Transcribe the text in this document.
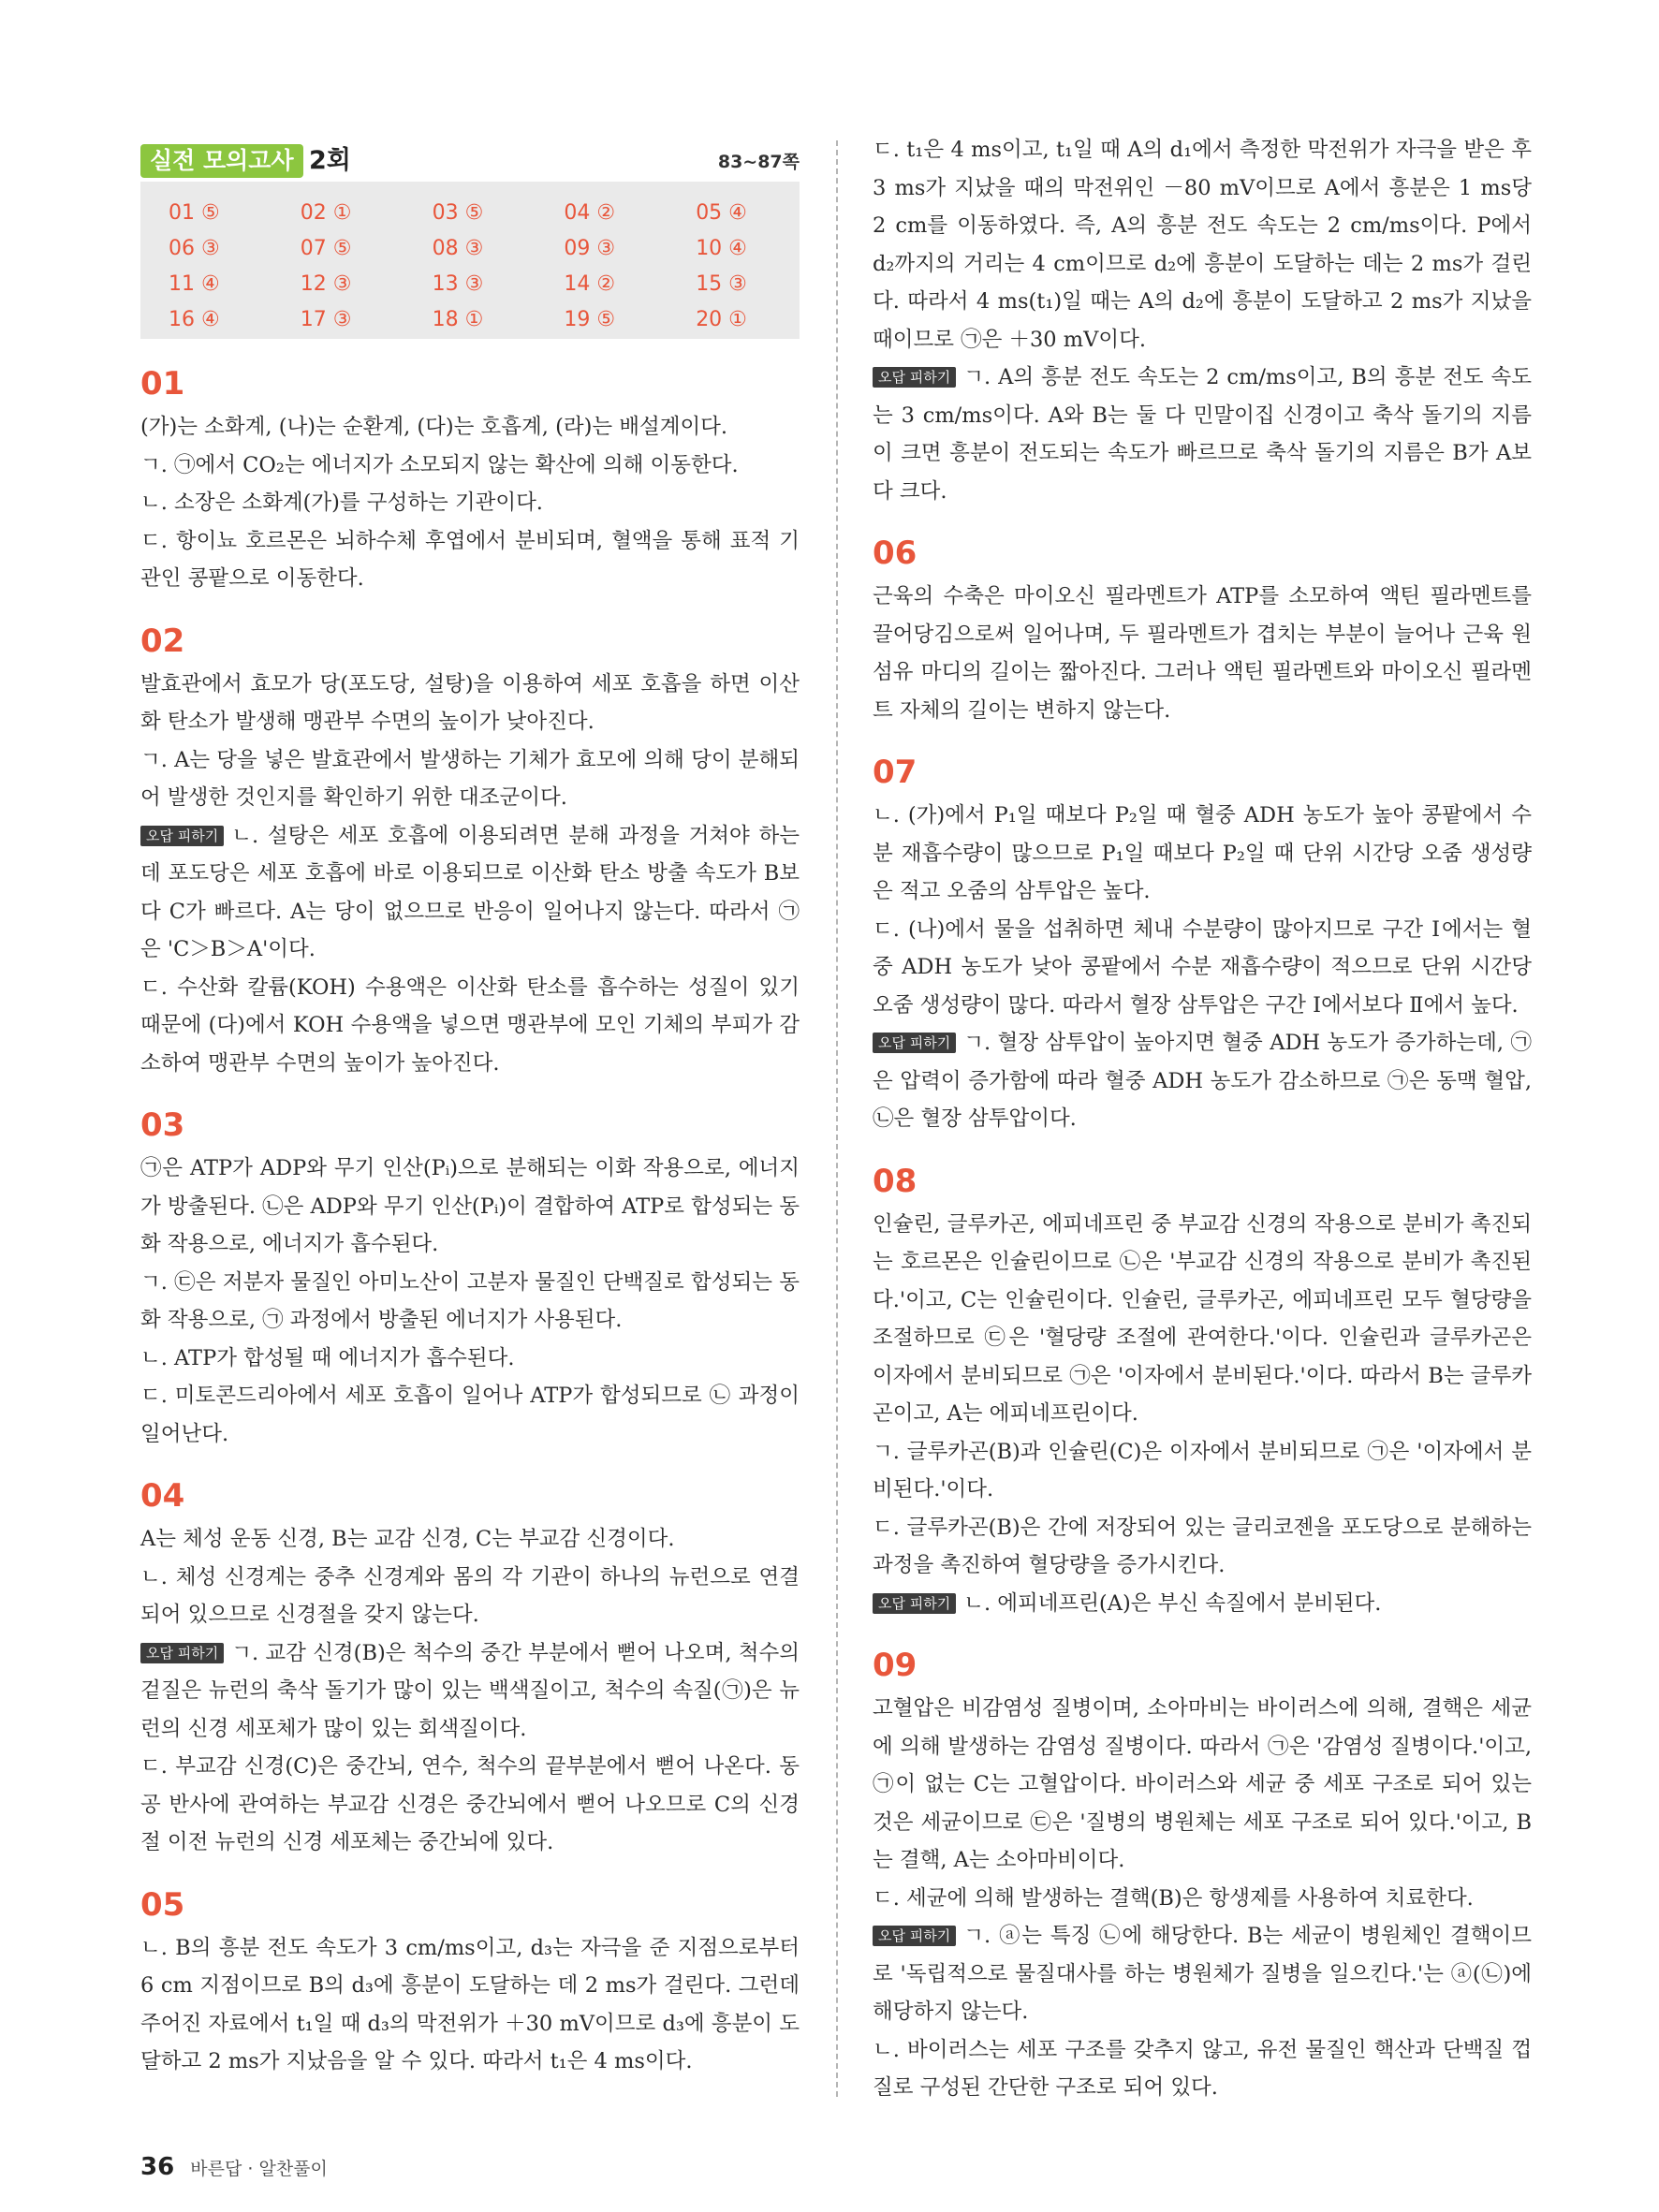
실전 모의고사 2회	83~87쪽
01 ⑤	02 ①	03 ⑤	04 ②	05 ④
06 ③	07 ⑤	08 ③	09 ③	10 ④
11 ④	12 ③	13 ③	14 ②	15 ③
16 ④	17 ③	18 ①	19 ⑤	20 ①
01

(가)는 소화계, (나)는 순환계, (다)는 호흡계, (라)는 배설계이다.

ㄱ. ㉠에서 CO₂는 에너지가 소모되지 않는 확산에 의해 이동한다.

ㄴ. 소장은 소화계(가)를 구성하는 기관이다.

ㄷ. 항이뇨 호르몬은 뇌하수체 후엽에서 분비되며, 혈액을 통해 표적 기관인 콩팥으로 이동한다.

02

발효관에서 효모가 당(포도당, 설탕)을 이용하여 세포 호흡을 하면 이산화 탄소가 발생해 맹관부 수면의 높이가 낮아진다.

ㄱ. A는 당을 넣은 발효관에서 발생하는 기체가 효모에 의해 당이 분해되어 발생한 것인지를 확인하기 위한 대조군이다.

오답 피하기 ㄴ. 설탕은 세포 호흡에 이용되려면 분해 과정을 거쳐야 하는데 포도당은 세포 호흡에 바로 이용되므로 이산화 탄소 방출 속도가 B보다 C가 빠르다. A는 당이 없으므로 반응이 일어나지 않는다. 따라서 ㉠은 'C＞B＞A'이다.

ㄷ. 수산화 칼륨(KOH) 수용액은 이산화 탄소를 흡수하는 성질이 있기 때문에 (다)에서 KOH 수용액을 넣으면 맹관부에 모인 기체의 부피가 감소하여 맹관부 수면의 높이가 높아진다.

03

㉠은 ATP가 ADP와 무기 인산(Pᵢ)으로 분해되는 이화 작용으로, 에너지가 방출된다. ㉡은 ADP와 무기 인산(Pᵢ)이 결합하여 ATP로 합성되는 동화 작용으로, 에너지가 흡수된다.

ㄱ. ㉢은 저분자 물질인 아미노산이 고분자 물질인 단백질로 합성되는 동화 작용으로, ㉠ 과정에서 방출된 에너지가 사용된다.

ㄴ. ATP가 합성될 때 에너지가 흡수된다.

ㄷ. 미토콘드리아에서 세포 호흡이 일어나 ATP가 합성되므로 ㉡ 과정이 일어난다.

04

A는 체성 운동 신경, B는 교감 신경, C는 부교감 신경이다.

ㄴ. 체성 신경계는 중추 신경계와 몸의 각 기관이 하나의 뉴런으로 연결되어 있으므로 신경절을 갖지 않는다.

오답 피하기 ㄱ. 교감 신경(B)은 척수의 중간 부분에서 뻗어 나오며, 척수의 겉질은 뉴런의 축삭 돌기가 많이 있는 백색질이고, 척수의 속질(㉠)은 뉴런의 신경 세포체가 많이 있는 회색질이다.

ㄷ. 부교감 신경(C)은 중간뇌, 연수, 척수의 끝부분에서 뻗어 나온다. 동공 반사에 관여하는 부교감 신경은 중간뇌에서 뻗어 나오므로 C의 신경절 이전 뉴런의 신경 세포체는 중간뇌에 있다.

05

ㄴ. B의 흥분 전도 속도가 3 cm/ms이고, d₃는 자극을 준 지점으로부터 6 cm 지점이므로 B의 d₃에 흥분이 도달하는 데 2 ms가 걸린다. 그런데 주어진 자료에서 t₁일 때 d₃의 막전위가 ＋30 mV이므로 d₃에 흥분이 도달하고 2 ms가 지났음을 알 수 있다. 따라서 t₁은 4 ms이다.

ㄷ. t₁은 4 ms이고, t₁일 때 A의 d₁에서 측정한 막전위가 자극을 받은 후 3 ms가 지났을 때의 막전위인 －80 mV이므로 A에서 흥분은 1 ms당 2 cm를 이동하였다. 즉, A의 흥분 전도 속도는 2 cm/ms이다. P에서 d₂까지의 거리는 4 cm이므로 d₂에 흥분이 도달하는 데는 2 ms가 걸린다. 따라서 4 ms(t₁)일 때는 A의 d₂에 흥분이 도달하고 2 ms가 지났을 때이므로 ㉠은 ＋30 mV이다.

오답 피하기 ㄱ. A의 흥분 전도 속도는 2 cm/ms이고, B의 흥분 전도 속도는 3 cm/ms이다. A와 B는 둘 다 민말이집 신경이고 축삭 돌기의 지름이 크면 흥분이 전도되는 속도가 빠르므로 축삭 돌기의 지름은 B가 A보다 크다.

06

근육의 수축은 마이오신 필라멘트가 ATP를 소모하여 액틴 필라멘트를 끌어당김으로써 일어나며, 두 필라멘트가 겹치는 부분이 늘어나 근육 원섬유 마디의 길이는 짧아진다. 그러나 액틴 필라멘트와 마이오신 필라멘트 자체의 길이는 변하지 않는다.

07

ㄴ. (가)에서 P₁일 때보다 P₂일 때 혈중 ADH 농도가 높아 콩팥에서 수분 재흡수량이 많으므로 P₁일 때보다 P₂일 때 단위 시간당 오줌 생성량은 적고 오줌의 삼투압은 높다.

ㄷ. (나)에서 물을 섭취하면 체내 수분량이 많아지므로 구간 Ⅰ에서는 혈중 ADH 농도가 낮아 콩팥에서 수분 재흡수량이 적으므로 단위 시간당 오줌 생성량이 많다. 따라서 혈장 삼투압은 구간 Ⅰ에서보다 Ⅱ에서 높다.

오답 피하기 ㄱ. 혈장 삼투압이 높아지면 혈중 ADH 농도가 증가하는데, ㉠은 압력이 증가함에 따라 혈중 ADH 농도가 감소하므로 ㉠은 동맥 혈압, ㉡은 혈장 삼투압이다.

08

인슐린, 글루카곤, 에피네프린 중 부교감 신경의 작용으로 분비가 촉진되는 호르몬은 인슐린이므로 ㉡은 '부교감 신경의 작용으로 분비가 촉진된다.'이고, C는 인슐린이다. 인슐린, 글루카곤, 에피네프린 모두 혈당량을 조절하므로 ㉢은 '혈당량 조절에 관여한다.'이다. 인슐린과 글루카곤은 이자에서 분비되므로 ㉠은 '이자에서 분비된다.'이다. 따라서 B는 글루카곤이고, A는 에피네프린이다.

ㄱ. 글루카곤(B)과 인슐린(C)은 이자에서 분비되므로 ㉠은 '이자에서 분비된다.'이다.

ㄷ. 글루카곤(B)은 간에 저장되어 있는 글리코젠을 포도당으로 분해하는 과정을 촉진하여 혈당량을 증가시킨다.

오답 피하기 ㄴ. 에피네프린(A)은 부신 속질에서 분비된다.

09

고혈압은 비감염성 질병이며, 소아마비는 바이러스에 의해, 결핵은 세균에 의해 발생하는 감염성 질병이다. 따라서 ㉠은 '감염성 질병이다.'이고, ㉠이 없는 C는 고혈압이다. 바이러스와 세균 중 세포 구조로 되어 있는 것은 세균이므로 ㉢은 '질병의 병원체는 세포 구조로 되어 있다.'이고, B는 결핵, A는 소아마비이다.

ㄷ. 세균에 의해 발생하는 결핵(B)은 항생제를 사용하여 치료한다.

오답 피하기 ㄱ. ⓐ는 특징 ㉡에 해당한다. B는 세균이 병원체인 결핵이므로 '독립적으로 물질대사를 하는 병원체가 질병을 일으킨다.'는 ⓐ(㉡)에 해당하지 않는다.

ㄴ. 바이러스는 세포 구조를 갖추지 않고, 유전 물질인 핵산과 단백질 껍질로 구성된 간단한 구조로 되어 있다.

36 바른답 · 알찬풀이
